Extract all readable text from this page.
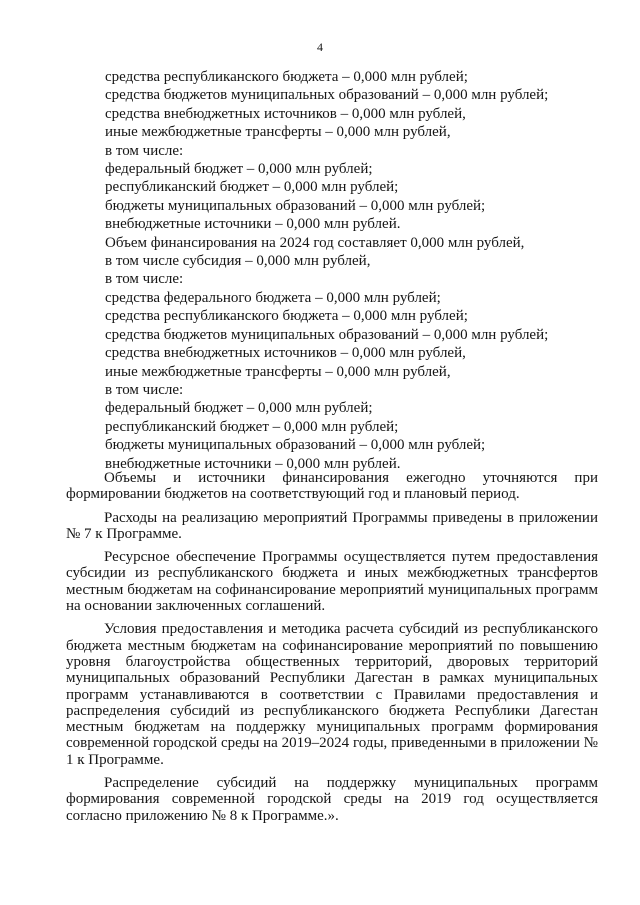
4
средства республиканского бюджета – 0,000 млн рублей;
средства бюджетов муниципальных образований – 0,000 млн рублей;
средства внебюджетных источников – 0,000 млн рублей,
иные межбюджетные трансферты – 0,000 млн рублей,
в том числе:
федеральный бюджет – 0,000 млн рублей;
республиканский бюджет – 0,000 млн рублей;
бюджеты муниципальных образований – 0,000 млн рублей;
внебюджетные источники – 0,000 млн рублей.
Объем финансирования на 2024 год составляет 0,000 млн рублей,
в том числе субсидия – 0,000 млн рублей,
в том числе:
средства федерального бюджета – 0,000 млн рублей;
средства республиканского бюджета – 0,000 млн рублей;
средства бюджетов муниципальных образований – 0,000 млн рублей;
средства внебюджетных источников – 0,000 млн рублей,
иные межбюджетные трансферты – 0,000 млн рублей,
в том числе:
федеральный бюджет – 0,000 млн рублей;
республиканский бюджет – 0,000 млн рублей;
бюджеты муниципальных образований – 0,000 млн рублей;
внебюджетные источники – 0,000 млн рублей.

Объемы и источники финансирования ежегодно уточняются при формировании бюджетов на соответствующий год и плановый период.

Расходы на реализацию мероприятий Программы приведены в приложении № 7 к Программе.

Ресурсное обеспечение Программы осуществляется путем предоставления субсидии из республиканского бюджета и иных межбюджетных трансфертов местным бюджетам на софинансирование мероприятий муниципальных программ на основании заключенных соглашений.

Условия предоставления и методика расчета субсидий из республиканского бюджета местным бюджетам на софинансирование мероприятий по повышению уровня благоустройства общественных территорий, дворовых территорий муниципальных образований Республики Дагестан в рамках муниципальных программ устанавливаются в соответствии с Правилами предоставления и распределения субсидий из республиканского бюджета Республики Дагестан местным бюджетам на поддержку муниципальных программ формирования современной городской среды на 2019–2024 годы, приведенными в приложении № 1 к Программе.

Распределение субсидий на поддержку муниципальных программ формирования современной городской среды на 2019 год осуществляется согласно приложению № 8 к Программе.».
